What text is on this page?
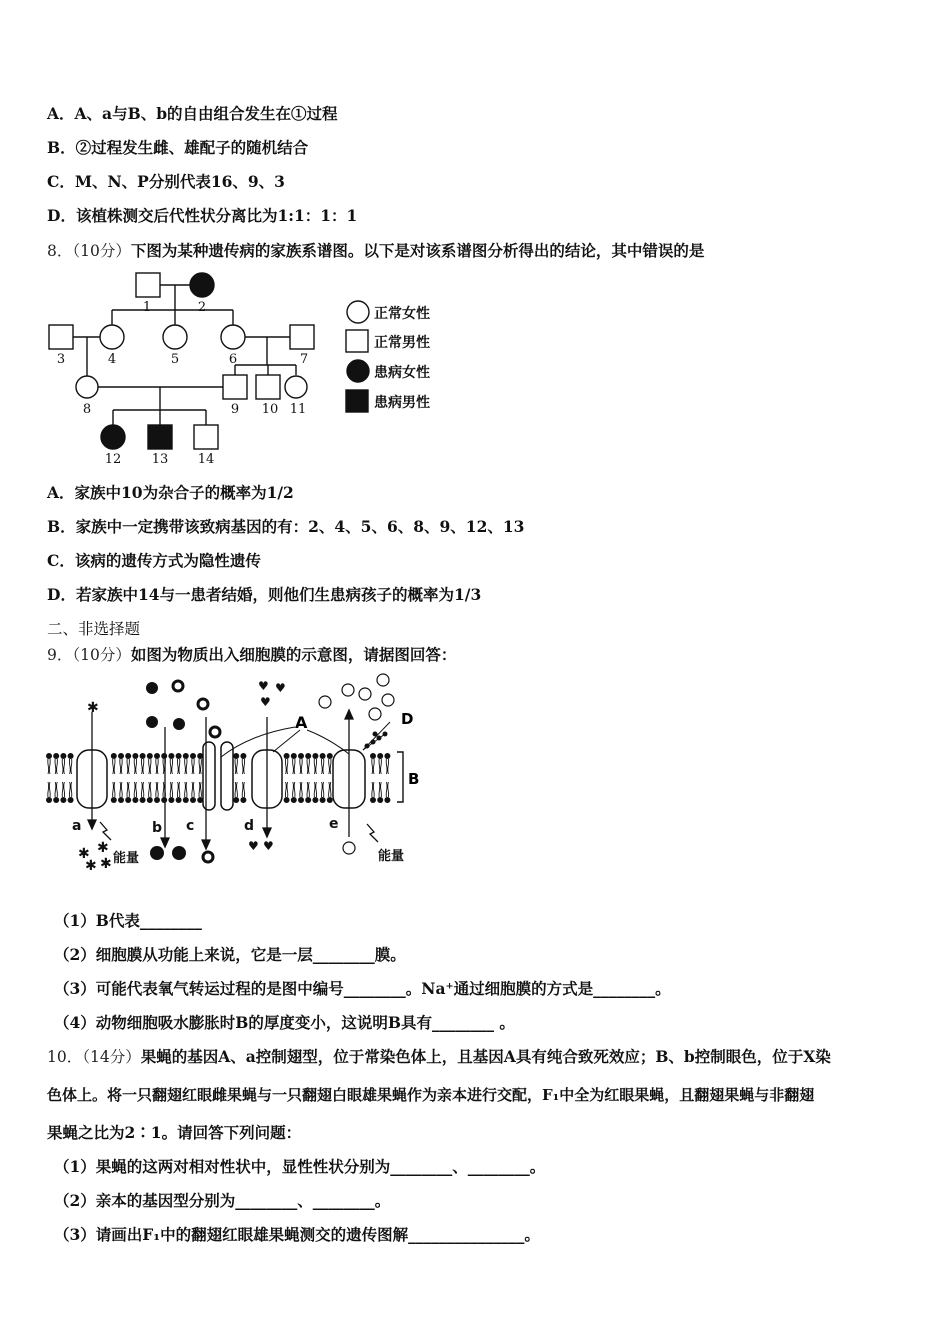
A．A、a与B、b的自由组合发生在①过程
B．②过程发生雌、雄配子的随机结合
C．M、N、P分别代表16、9、3
D．该植株测交后代性状分离比为1:1：1：1
8．（10分）下图为某种遗传病的家族系谱图。以下是对该系谱图分析得出的结论，其中错误的是
1	2
3	4	5	6	7
8	9 10 11
12 13 14
正常女性
正常男性
患病女性
患病男性
A．家族中10为杂合子的概率为1/2
B．家族中一定携带该致病基因的有：2、4、5、6、8、9、12、13
C．该病的遗传方式为隐性遗传
D．若家族中14与一患者结婚，则他们生患病孩子的概率为1/3
二、非选择题
9．（10分）如图为物质出入细胞膜的示意图，请据图回答：
B
A	D
♥ ♥
♥
♥ ♥
✱
✱ ✱
✱ ✱
a	b c	d	e
能量	能量
（1）B代表________
（2）细胞膜从功能上来说，它是一层________膜。
（3）可能代表氧气转运过程的是图中编号________。Na⁺通过细胞膜的方式是________。
（4）动物细胞吸水膨胀时B的厚度变小，这说明B具有________ 。
10．（14分）果蝇的基因A、a控制翅型，位于常染色体上，且基因A具有纯合致死效应；B、b控制眼色，位于X染
色体上。将一只翻翅红眼雌果蝇与一只翻翅白眼雄果蝇作为亲本进行交配，F₁中全为红眼果蝇，且翻翅果蝇与非翻翅
果蝇之比为2∶1。请回答下列问题：
（1）果蝇的这两对相对性状中，显性性状分别为________、________。
（2）亲本的基因型分别为________、________。
（3）请画出F₁中的翻翅红眼雄果蝇测交的遗传图解_______________。
